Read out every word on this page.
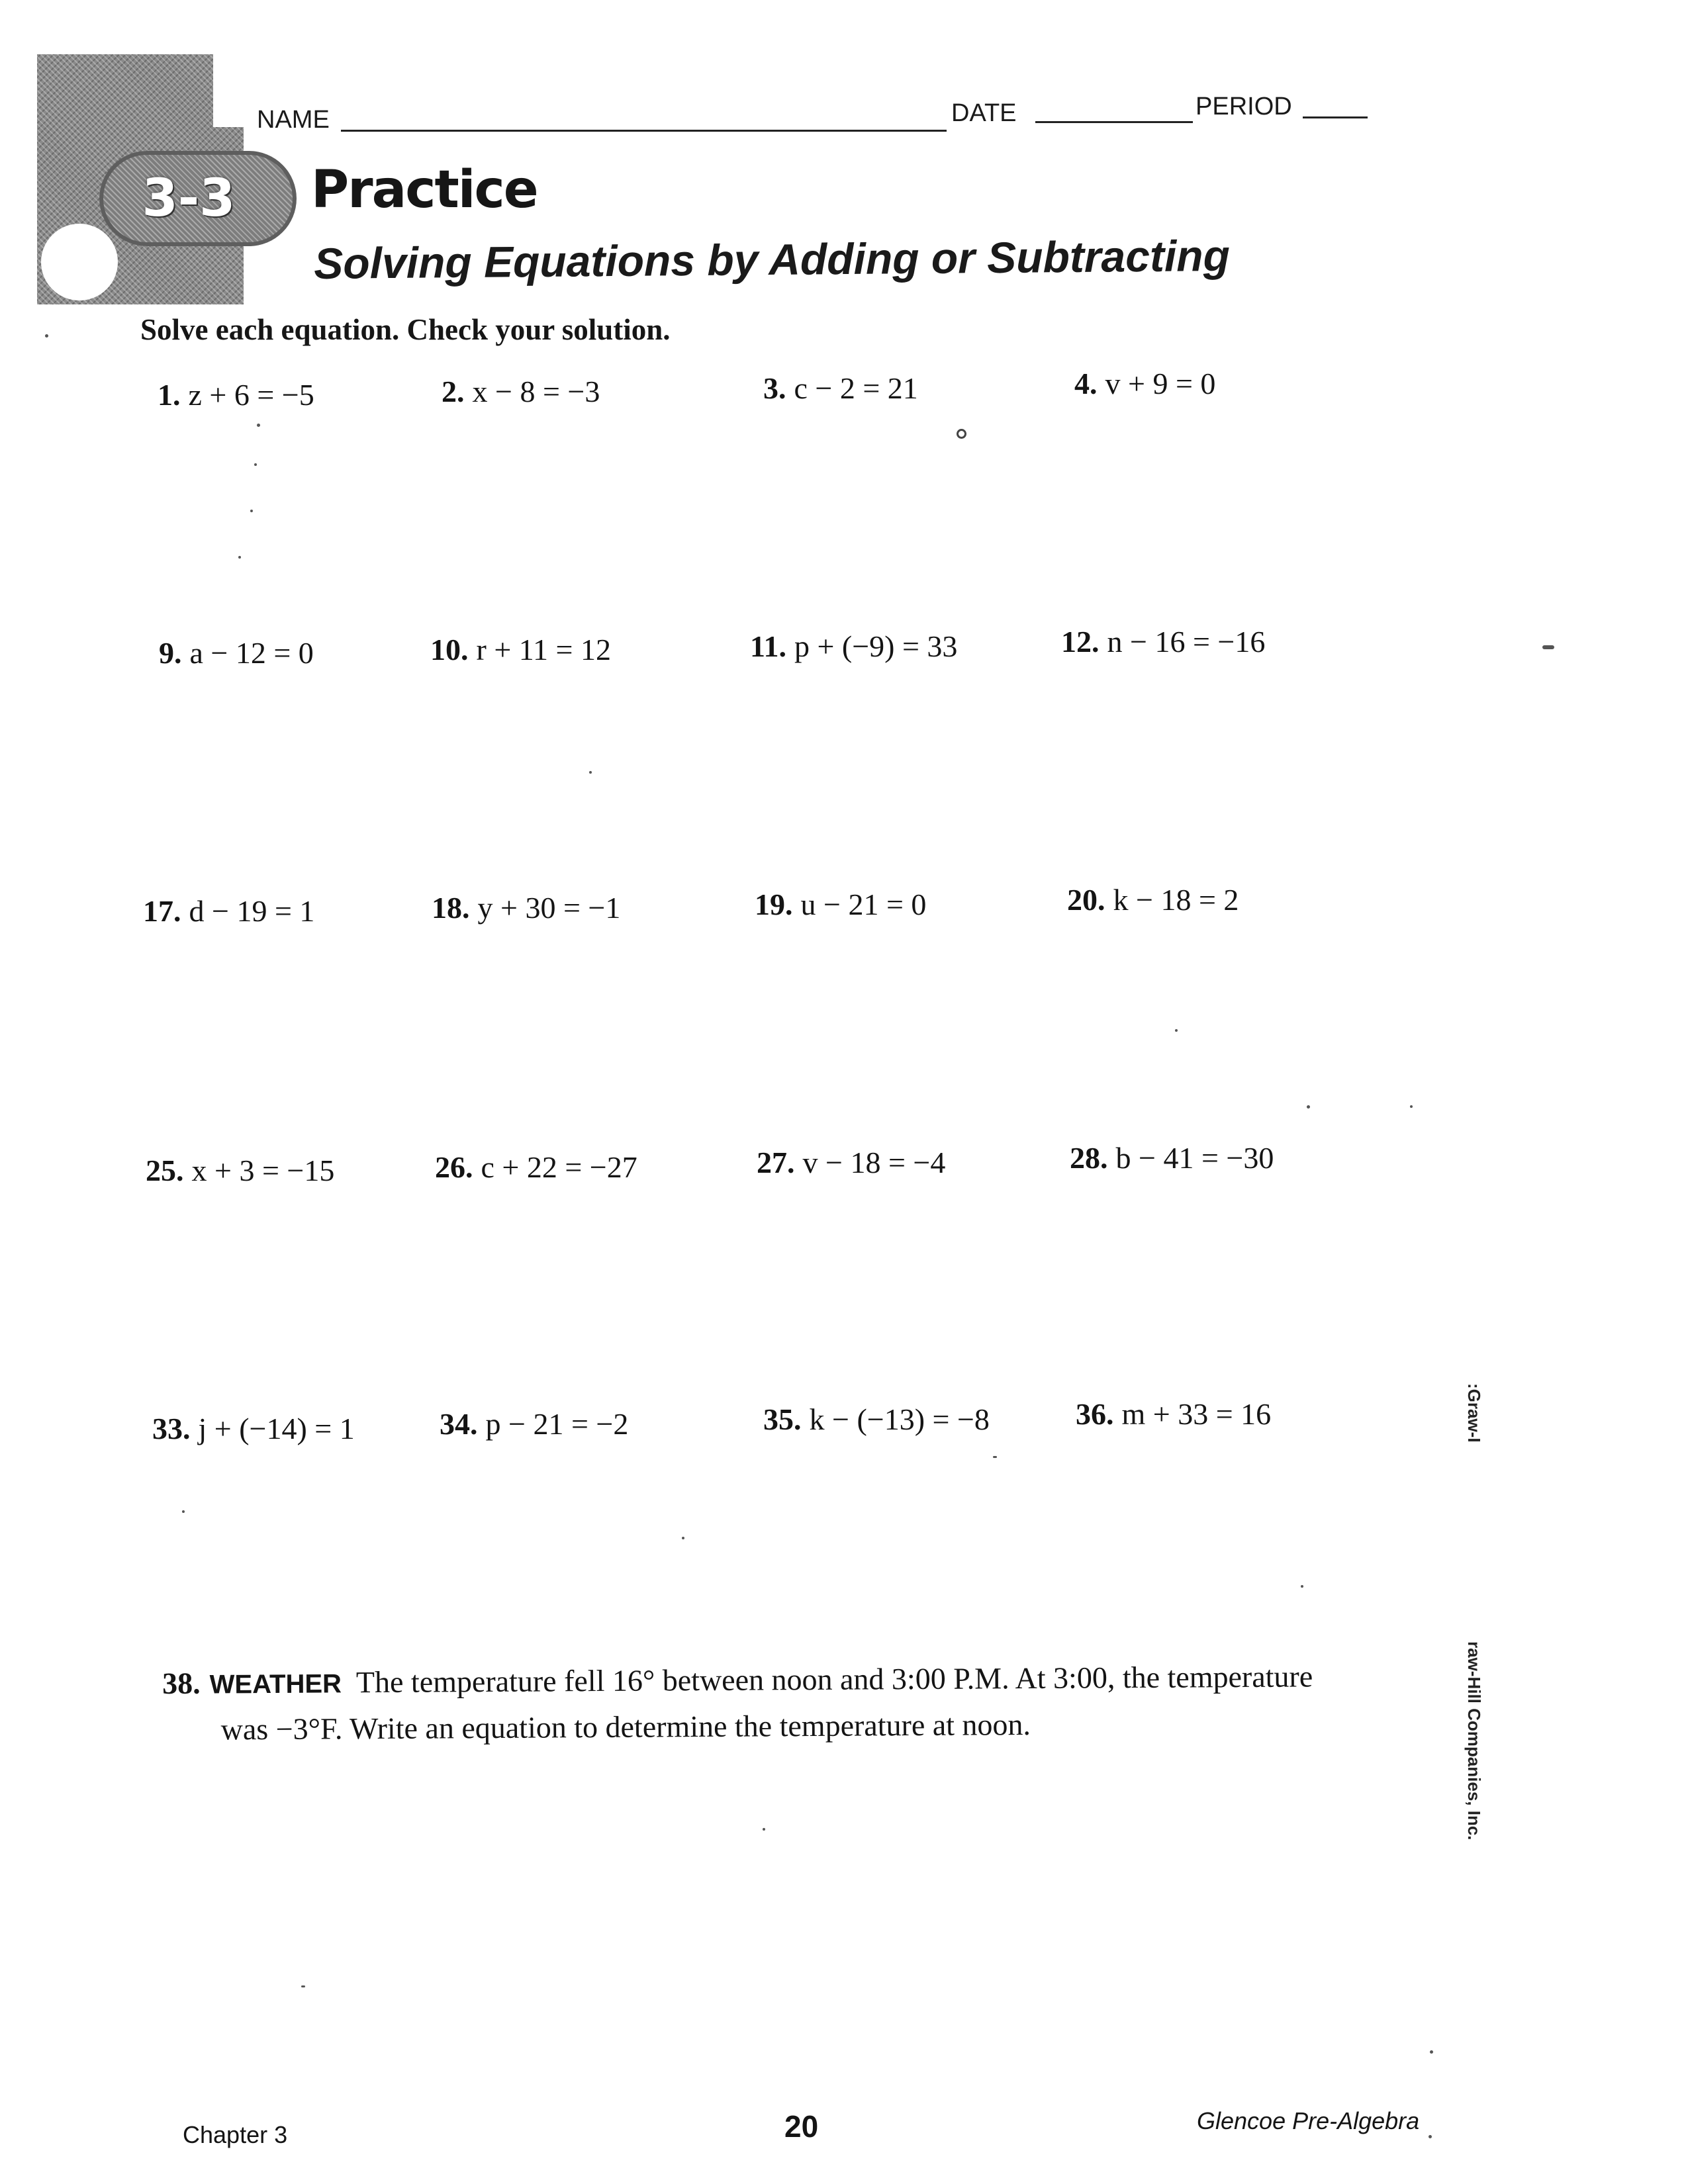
3-3
NAME	DATE	PERIOD
Practice
Solving Equations by Adding or Subtracting
Solve each equation. Check your solution.
1. z + 6 = −5	2. x − 8 = −3	3. c − 2 = 21	4. v + 9 = 0
9. a − 12 = 0	10. r + 11 = 12	11. p + (−9) = 33	12. n − 16 = −16
17. d − 19 = 1	18. y + 30 = −1	19. u − 21 = 0	20. k − 18 = 2
25. x + 3 = −15	26. c + 22 = −27	27. v − 18 = −4	28. b − 41 = −30
33. j + (−14) = 1	34. p − 21 = −2	35. k − (−13) = −8	36. m + 33 = 16
38. WEATHER The temperature fell 16° between noon and 3:00 P.M. At 3:00, the temperature
was −3°F. Write an equation to determine the temperature at noon.
:Graw-I
raw-Hill Companies, Inc.
Chapter 3	20	Glencoe Pre-Algebra
